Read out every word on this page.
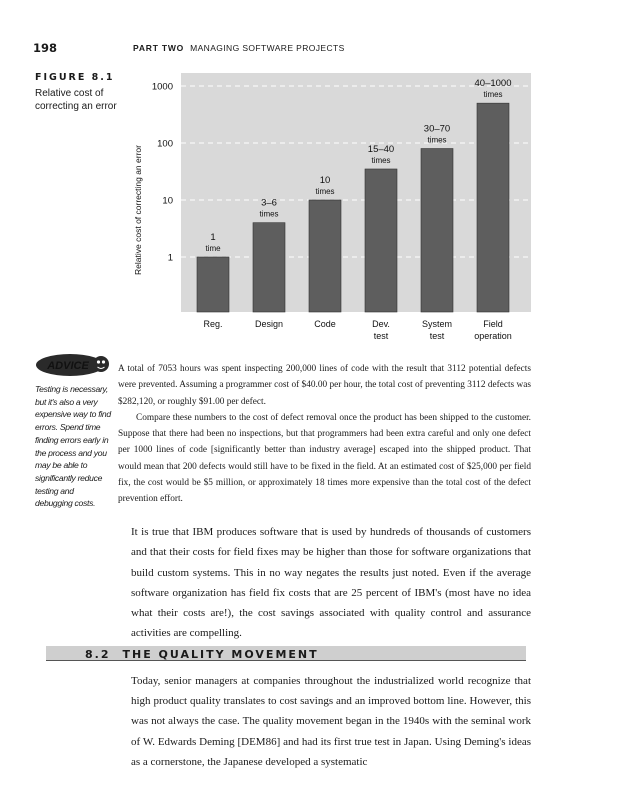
198	PART TWO MANAGING SOFTWARE PROJECTS
FIGURE 8.1
Relative cost of correcting an error
1
10
100
1000
1
time
3–6
times
10
times
15–40
times
30–70
times
40–1000
times
Reg.	Design	Code	Dev.
test
System
test
Field
operation
Relative cost of correcting an error
ADVICE
Testing is necessary, but it's also a very expensive way to find errors. Spend time finding errors early in the process and you may be able to significantly reduce testing and debugging costs.

A total of 7053 hours was spent inspecting 200,000 lines of code with the result that 3112 potential defects were prevented. Assuming a programmer cost of $40.00 per hour, the total cost of preventing 3112 defects was $282,120, or roughly $91.00 per defect.

Compare these numbers to the cost of defect removal once the product has been shipped to the customer. Suppose that there had been no inspections, but that programmers had been extra careful and only one defect per 1000 lines of code [significantly better than industry average] escaped into the shipped product. That would mean that 200 defects would still have to be fixed in the field. At an estimated cost of $25,000 per field fix, the cost would be $5 million, or approximately 18 times more expensive than the total cost of the defect prevention effort.

It is true that IBM produces software that is used by hundreds of thousands of customers and that their costs for field fixes may be higher than those for software organizations that build custom systems. This in no way negates the results just noted. Even if the average software organization has field fix costs that are 25 percent of IBM's (most have no idea what their costs are!), the cost savings associated with quality control and assurance activities are compelling.

8.2 THE QUALITY MOVEMENT

Today, senior managers at companies throughout the industrialized world recognize that high product quality translates to cost savings and an improved bottom line. However, this was not always the case. The quality movement began in the 1940s with the seminal work of W. Edwards Deming [DEM86] and had its first true test in Japan. Using Deming's ideas as a cornerstone, the Japanese developed a systematic
